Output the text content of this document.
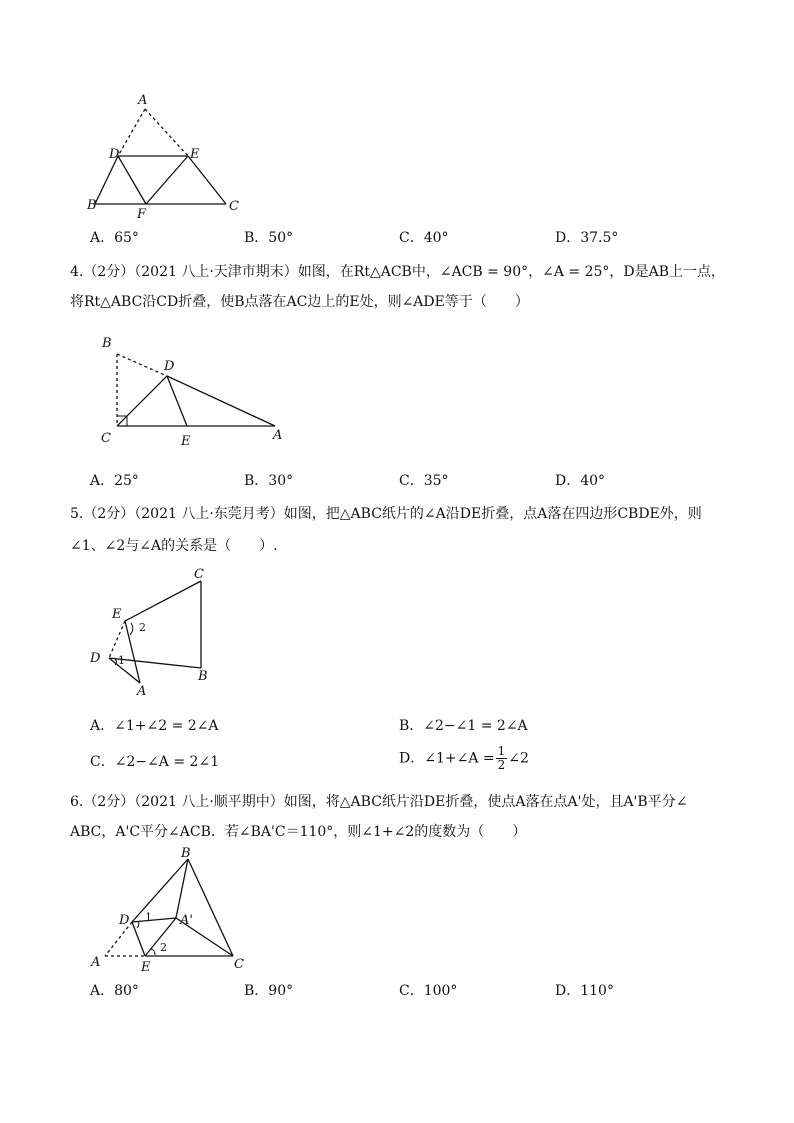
A
D	E
B
F
C
A．65°	B．50°	C．40°	D．37.5°
4.（2分）（2021 八上·天津市期末）如图，在Rt△ACB中，∠ACB = 90°，∠A = 25°，D是AB上一点，
将Rt△ABC沿CD折叠，使B点落在AC边上的E处，则∠ADE等于（　　）
B
D
C	E	A
A．25°	B．30°	C．35°	D．40°
5.（2分）（2021 八上·东莞月考）如图，把△ABC纸片的∠A沿DE折叠，点A落在四边形CBDE外，则
∠1、∠2与∠A的关系是（　　）.
C
E
2
D 1
B
A
A．∠1+∠2 = 2∠A	B．∠2−∠1 = 2∠A
C．∠2−∠A = 2∠1	D．∠1+∠A = $\frac{1}{2}$ ∠2
6.（2分）（2021 八上·顺平期中）如图，将△ABC纸片沿DE折叠，使点A落在点A'处，且A'B平分∠
ABC，A'C平分∠ACB．若∠BA'C＝110°，则∠1+∠2的度数为（　　）
B
D 1 A'
2
A	E	C
A．80°	B．90°	C．100°	D．110°
